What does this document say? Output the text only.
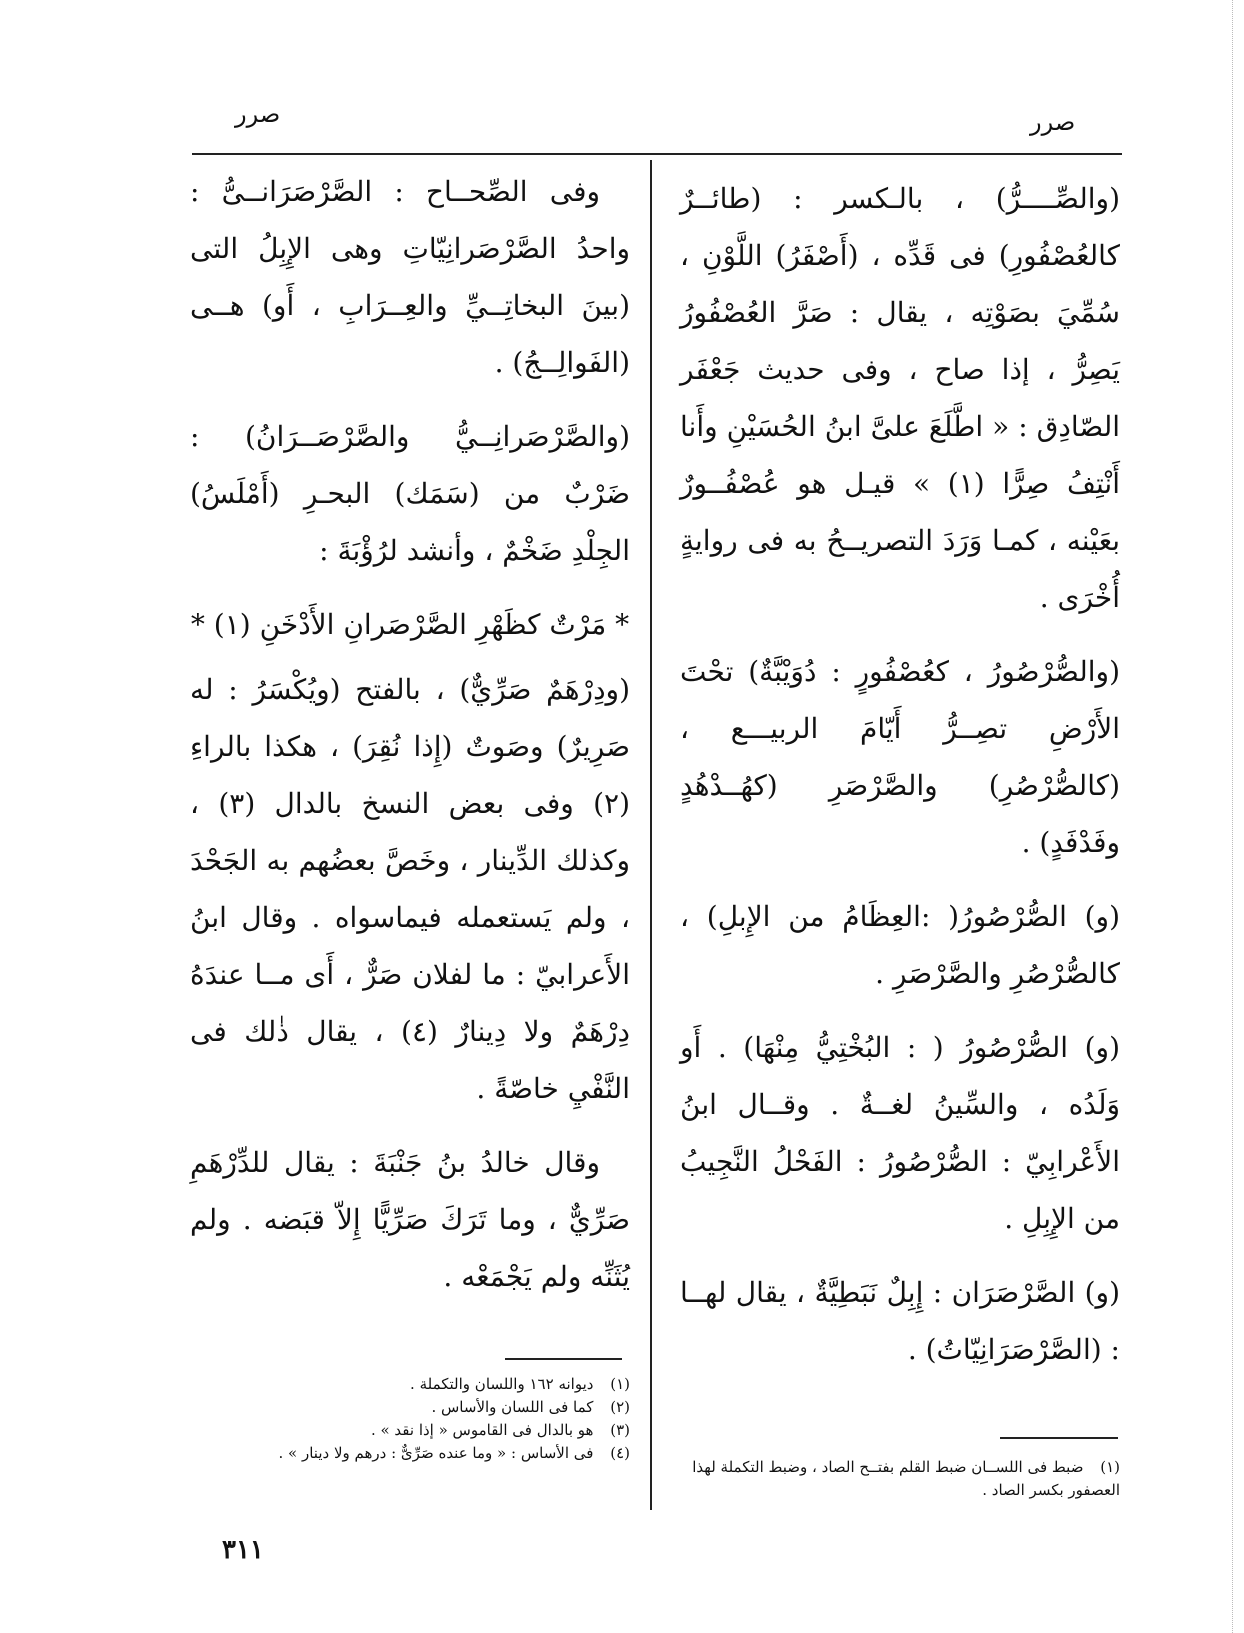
صرر
صرر

(والصِّــــرُّ) ، بالـكسر : (طائــرٌ كالعُصْفُورِ) فى قَدِّه ، (أَصْفَرُ) اللَّوْنِ ، سُمِّيَ بصَوْتِه ، يقال : صَرَّ العُصْفُورُ يَصِرُّ ، إذا صاح ، وفى حديث جَعْفَر الصّادِق : « اطَّلَعَ علىَّ ابنُ الحُسَيْنِ وأَنا أَنْتِفُ صِرًّا (١) » قيـل هو عُصْفُــورٌ بعَيْنه ، كمـا وَرَدَ التصريــحُ به فى روايةٍ أُخْرَى .

(والصُّرْصُورُ ، كعُصْفُورٍ : دُوَيْبَّةٌ) تحْتَ الأَرْضِ تصِــرُّ أَيّامَ الربيـــع ، (كالصُّرْصُرِ) والصَّرْصَرِ (كهُــدْهُدٍ وفَدْفَدٍ) .

(و) الصُّرْصُورُ( :العِظَامُ من الإِبلِ) ، كالصُّرْصُرِ والصَّرْصَرِ .

(و) الصُّرْصُورُ ( : البُخْتِيُّ مِنْهَا) . أَو وَلَدُه ، والسِّينُ لغــةٌ . وقــال ابنُ الأَعْرابِيّ : الصُّرْصُورُ : الفَحْلُ النَّجِيبُ من الإِبِلِ .

(و) الصَّرْصَرَان : إِبِلٌ نَبَطِيَّةٌ ، يقال لهــا : (الصَّرْصَرَانِيّاتُ) .

وفى الصِّحــاح : الصَّرْصَرَانــىُّ : واحدُ الصَّرْصَرانِيّاتِ وهى الإِبِلُ التى (بينَ البخاتِــيِّ والعِــرَابِ ، أَو) هــى (الفَوالِــجُ) .

(والصَّرْصَرانِــيُّ والصَّرْصَــرَانُ) : ضَرْبٌ من (سَمَك) البحـرِ (أَمْلَسُ) الجِلْدِ ضَخْمٌ ، وأنشد لرُؤْبَةَ :

* مَرْتٌ كظَهْرِ الصَّرْصَرانِ الأَدْخَنِ (١) *

(ودِرْهَمٌ صَرِّيٌّ) ، بالفتح (ويُكْسَرُ : له صَرِيرٌ) وصَوتٌ (إِذا نُقِرَ) ، هكذا بالراءِ (٢) وفى بعض النسخ بالدال (٣) ، وكذلك الدِّينار ، وخَصَّ بعضُهم به الجَحْدَ ، ولم يَستعمله فيماسواه . وقال ابنُ الأَعرابيّ : ما لفلان صَرٌّ ، أَى مــا عندَهُ دِرْهَمٌ ولا دِينارٌ (٤) ، يقال ذٰلك فى النَّفْيِ خاصّةً .

وقال خالدُ بنُ جَنْبَةَ : يقال للدِّرْهَمِ صَرِّيٌّ ، وما تَرَكَ صَرِّيًّا إِلاّ قبَضه . ولم يُثَنِّه ولم يَجْمَعْه .

(١) ضبط فى اللســان ضبط القلم بفتــح الصاد ، وضبط التكملة لهذا العصفور بكسر الصاد .

(١) ديوانه ١٦٢ واللسان والتكملة .

(٢) كما فى اللسان والأساس .

(٣) هو بالدال فى القاموس « إذا نقد » .

(٤) فى الأساس : « وما عنده صَرِّىٌّ : درهم ولا دينار » .

٣١١
